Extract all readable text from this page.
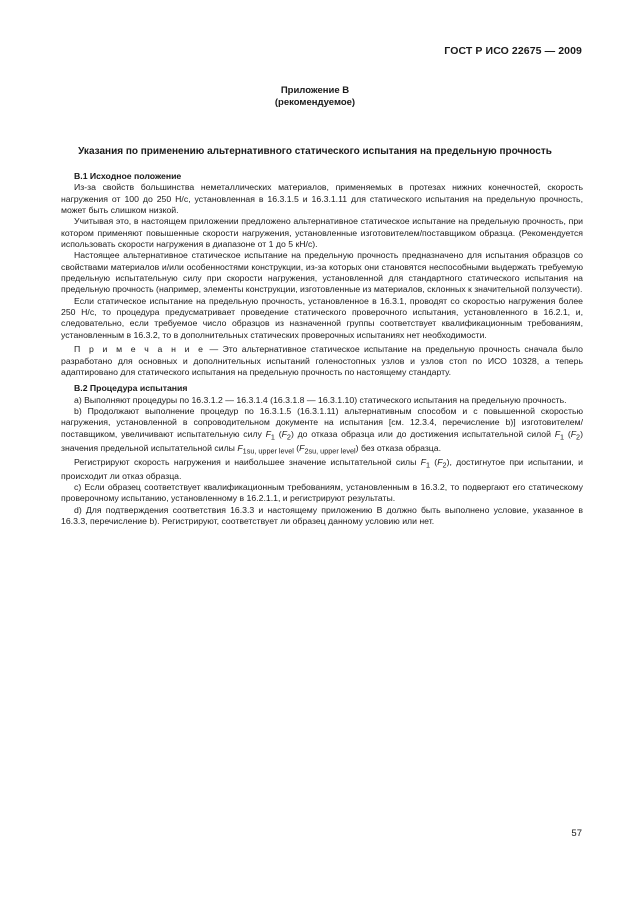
ГОСТ Р ИСО 22675 — 2009
Приложение В
(рекомендуемое)
Указания по применению альтернативного статического испытания на предельную прочность
В.1 Исходное положение

Из-за свойств большинства неметаллических материалов, применяемых в протезах нижних конечностей, скорость нагружения от 100 до 250 Н/с, установленная в 16.3.1.5 и 16.3.1.11 для статического испытания на предельную прочность, может быть слишком низкой.

Учитывая это, в настоящем приложении предложено альтернативное статическое испытание на предельную прочность, при котором применяют повышенные скорости нагружения, установленные изготовителем/поставщиком образца. (Рекомендуется использовать скорости нагружения в диапазоне от 1 до 5 кН/с).

Настоящее альтернативное статическое испытание на предельную прочность предназначено для испытания образцов со свойствами материалов и/или особенностями конструкции, из-за которых они становятся неспособными выдержать требуемую предельную испытательную силу при скорости нагружения, установленной для стандартного статического испытания на предельную прочность (например, элементы конструкции, изготовленные из материалов, склонных к значительной ползучести).

Если статическое испытание на предельную прочность, установленное в 16.3.1, проводят со скоростью нагружения более 250 Н/с, то процедура предусматривает проведение статического проверочного испытания, установленного в 16.2.1, и, следовательно, если требуемое число образцов из назначенной группы соответствует квалификационным требованиям, установленным в 16.3.2, то в дополнительных статических проверочных испытаниях нет необходимости.

П р и м е ч а н и е — Это альтернативное статическое испытание на предельную прочность сначала было разработано для основных и дополнительных испытаний голеностопных узлов и узлов стоп по ИСО 10328, а теперь адаптировано для статического испытания на предельную прочность по настоящему стандарту.

В.2 Процедура испытания

a) Выполняют процедуры по 16.3.1.2 — 16.3.1.4 (16.3.1.8 — 16.3.1.10) статического испытания на предельную прочность.

b) Продолжают выполнение процедур по 16.3.1.5 (16.3.1.11) альтернативным способом и с повышенной скоростью нагружения, установленной в сопроводительном документе на испытания [см. 12.3.4, перечисление b)] изготовителем/поставщиком, увеличивают испытательную силу $F_1$ $(F_2)$ до отказа образца или до достижения испытательной силой $F_1$ $(F_2)$ значения предельной испытательной силы $F_{1su, upper level}$ $(F_{2su, upper level})$ без отказа образца.

Регистрируют скорость нагружения и наибольшее значение испытательной силы $F_1$ $(F_2)$, достигнутое при испытании, и происходит ли отказ образца.

c) Если образец соответствует квалификационным требованиям, установленным в 16.3.2, то подвергают его статическому проверочному испытанию, установленному в 16.2.1.1, и регистрируют результаты.

d) Для подтверждения соответствия 16.3.3 и настоящему приложению В должно быть выполнено условие, указанное в 16.3.3, перечисление b). Регистрируют, соответствует ли образец данному условию или нет.

57
